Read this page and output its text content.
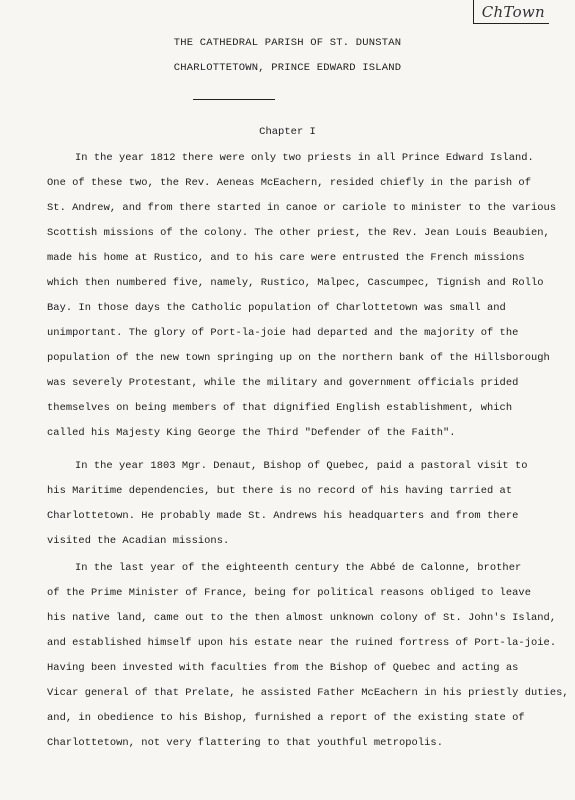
ChTown
THE CATHEDRAL PARISH OF ST. DUNSTAN
CHARLOTTETOWN, PRINCE EDWARD ISLAND
Chapter I
In the year 1812 there were only two priests in all Prince Edward Island.
One of these two, the Rev. Aeneas McEachern, resided chiefly in the parish of
St. Andrew, and from there started in canoe or cariole to minister to the various
Scottish missions of the colony. The other priest, the Rev. Jean Louis Beaubien,
made his home at Rustico, and to his care were entrusted the French missions
which then numbered five, namely, Rustico, Malpec, Cascumpec, Tignish and Rollo
Bay. In those days the Catholic population of Charlottetown was small and
unimportant. The glory of Port-la-joie had departed and the majority of the
population of the new town springing up on the northern bank of the Hillsborough
was severely Protestant, while the military and government officials prided
themselves on being members of that dignified English establishment, which
called his Majesty King George the Third "Defender of the Faith".
In the year 1803 Mgr. Denaut, Bishop of Quebec, paid a pastoral visit to
his Maritime dependencies, but there is no record of his having tarried at
Charlottetown. He probably made St. Andrews his headquarters and from there
visited the Acadian missions.
In the last year of the eighteenth century the Abbé de Calonne, brother
of the Prime Minister of France, being for political reasons obliged to leave
his native land, came out to the then almost unknown colony of St. John's Island,
and established himself upon his estate near the ruined fortress of Port-la-joie.
Having been invested with faculties from the Bishop of Quebec and acting as
Vicar general of that Prelate, he assisted Father McEachern in his priestly duties,
and, in obedience to his Bishop, furnished a report of the existing state of
Charlottetown, not very flattering to that youthful metropolis.
